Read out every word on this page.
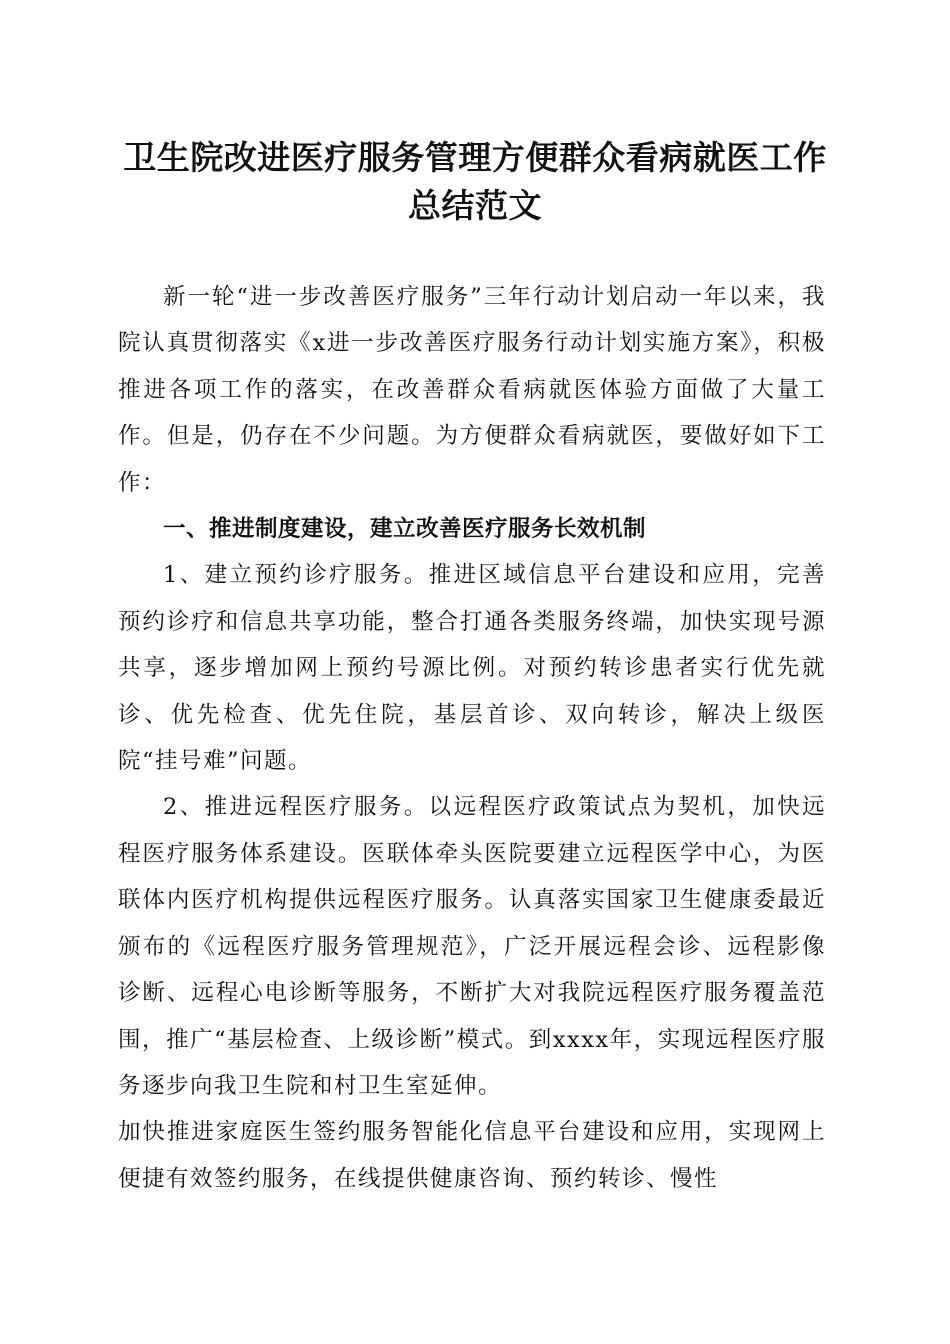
卫生院改进医疗服务管理方便群众看病就医工作总结范文

新一轮“进一步改善医疗服务”三年行动计划启动一年以来，我院认真贯彻落实《x进一步改善医疗服务行动计划实施方案》，积极推进各项工作的落实，在改善群众看病就医体验方面做了大量工作。但是，仍存在不少问题。为方便群众看病就医，要做好如下工作：

一、推进制度建设，建立改善医疗服务长效机制

1、建立预约诊疗服务。推进区域信息平台建设和应用，完善预约诊疗和信息共享功能，整合打通各类服务终端，加快实现号源共享，逐步增加网上预约号源比例。对预约转诊患者实行优先就诊、优先检查、优先住院，基层首诊、双向转诊，解决上级医院“挂号难”问题。

2、推进远程医疗服务。以远程医疗政策试点为契机，加快远程医疗服务体系建设。医联体牵头医院要建立远程医学中心，为医联体内医疗机构提供远程医疗服务。认真落实国家卫生健康委最近颁布的《远程医疗服务管理规范》，广泛开展远程会诊、远程影像诊断、远程心电诊断等服务，不断扩大对我院远程医疗服务覆盖范围，推广“基层检查、上级诊断”模式。到xxxx年，实现远程医疗服务逐步向我卫生院和村卫生室延伸。

加快推进家庭医生签约服务智能化信息平台建设和应用，实现网上便捷有效签约服务，在线提供健康咨询、预约转诊、慢性
